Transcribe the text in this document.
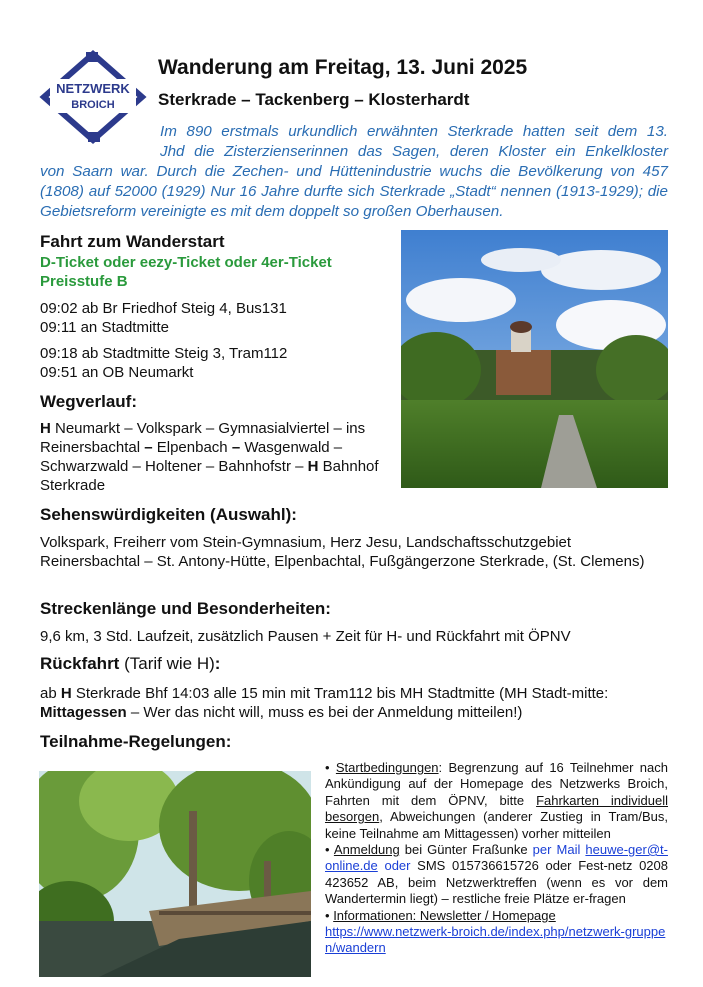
NETZWERK
BROICH
Wanderung am Freitag, 13. Juni 2025
Sterkrade – Tackenberg – Klosterhardt
Im 890 erstmals urkundlich erwähnten Sterkrade hatten seit dem 13.
Jhd die Zisterzienserinnen das Sagen, deren Kloster ein Enkelkloster
von Saarn war. Durch die Zechen- und Hüttenindustrie wuchs die Bevölkerung von 457 (1808) auf 52000 (1929) Nur 16 Jahre durfte sich Sterkrade „Stadt“ nennen (1913-1929); die Gebietsreform vereinigte es mit dem doppelt so großen Oberhausen.
Fahrt zum Wanderstart
D-Ticket oder eezy-Ticket oder 4er-Ticket
Preisstufe B
09:02 ab Br Friedhof Steig 4, Bus131
09:11 an Stadtmitte
09:18 ab Stadtmitte Steig 3, Tram112
09:51 an OB Neumarkt
Wegverlauf:
H Neumarkt – Volkspark – Gymnasialviertel – ins Reinersbachtal – Elpenbach – Wasgenwald – Schwarzwald – Holtener – Bahnhofstr – H Bahnhof Sterkrade
Sehenswürdigkeiten (Auswahl):
Volkspark, Freiherr vom Stein-Gymnasium, Herz Jesu, Landschaftsschutzgebiet Reinersbachtal – St. Antony-Hütte, Elpenbachtal, Fußgängerzone Sterkrade, (St. Clemens)
Streckenlänge und Besonderheiten:
9,6 km, 3 Std. Laufzeit, zusätzlich Pausen + Zeit für H- und Rückfahrt mit ÖPNV
Rückfahrt (Tarif wie H):
ab H Sterkrade Bhf 14:03 alle 15 min mit Tram112 bis MH Stadtmitte (MH Stadt-mitte: Mittagessen – Wer das nicht will, muss es bei der Anmeldung mitteilen!)
Teilnahme-Regelungen:

• Startbedingungen: Begrenzung auf 16 Teilnehmer nach Ankündigung auf der Homepage des Netzwerks Broich, Fahrten mit dem ÖPNV, bitte Fahrkarten individuell besorgen, Abweichungen (anderer Zustieg in Tram/Bus, keine Teilnahme am Mittagessen) vorher mitteilen

• Anmeldung bei Günter Fraßunke per Mail heuwe-ger@t-online.de oder SMS 015736615726 oder Fest-netz 0208 423652 AB, beim Netzwerktreffen (wenn es vor dem Wandertermin liegt) – restliche freie Plätze er-fragen

• Informationen: Newsletter / Homepage
https://www.netzwerk-broich.de/index.php/netzwerk-gruppen/wandern
